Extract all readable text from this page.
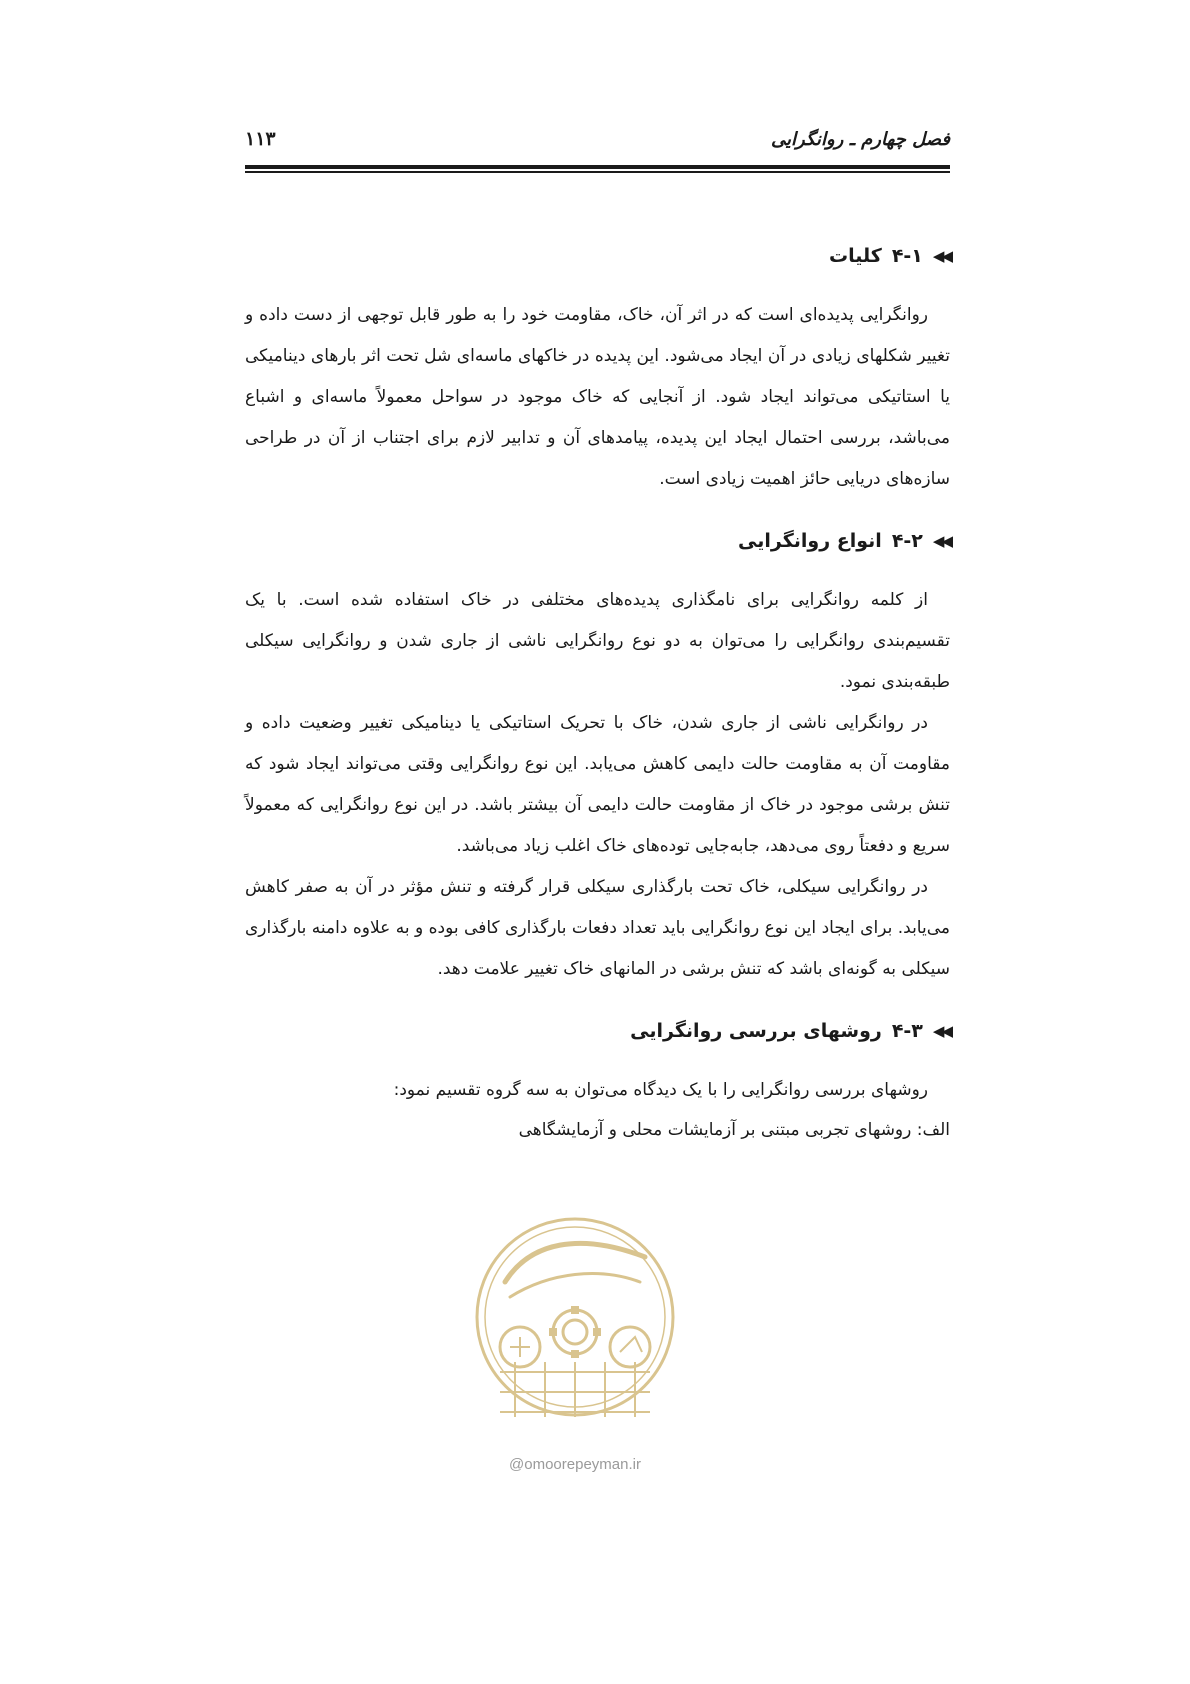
فصل چهارم ـ روانگرایی
۱۱۳
◀◀
۴-۱
کلیات

روانگرایی پدیده‌ای است که در اثر آن، خاک، مقاومت خود را به طور قابل توجهی از دست داده و تغییر شکلهای زیادی در آن ایجاد می‌شود. این پدیده در خاکهای ماسه‌ای شل تحت اثر بارهای دینامیکی یا استاتیکی می‌تواند ایجاد شود. از آنجایی که خاک موجود در سواحل معمولاً ماسه‌ای و اشباع می‌باشد، بررسی احتمال ایجاد این پدیده، پیامدهای آن و تدابیر لازم برای اجتناب از آن در طراحی سازه‌های دریایی حائز اهمیت زیادی است.

◀◀
۴-۲
انواع روانگرایی

از کلمه روانگرایی برای نامگذاری پدیده‌های مختلفی در خاک استفاده شده است. با یک تقسیم‌بندی روانگرایی را می‌توان به دو نوع روانگرایی ناشی از جاری شدن و روانگرایی سیکلی طبقه‌بندی نمود.

در روانگرایی ناشی از جاری شدن، خاک با تحریک استاتیکی یا دینامیکی تغییر وضعیت داده و مقاومت آن به مقاومت حالت دایمی کاهش می‌یابد. این نوع روانگرایی وقتی می‌تواند ایجاد شود که تنش برشی موجود در خاک از مقاومت حالت دایمی آن بیشتر باشد. در این نوع روانگرایی که معمولاً سریع و دفعتاً روی می‌دهد، جابه‌جایی توده‌های خاک اغلب زیاد می‌باشد.

در روانگرایی سیکلی، خاک تحت بارگذاری سیکلی قرار گرفته و تنش مؤثر در آن به صفر کاهش می‌یابد. برای ایجاد این نوع روانگرایی باید تعداد دفعات بارگذاری کافی بوده و به علاوه دامنه بارگذاری سیکلی به گونه‌ای باشد که تنش برشی در المانهای خاک تغییر علامت دهد.

◀◀
۴-۳
روشهای بررسی روانگرایی

روشهای بررسی روانگرایی را با یک دیدگاه می‌توان به سه گروه تقسیم نمود:

الف: روشهای تجربی مبتنی بر آزمایشات محلی و آزمایشگاهی

@omoorepeyman.ir
